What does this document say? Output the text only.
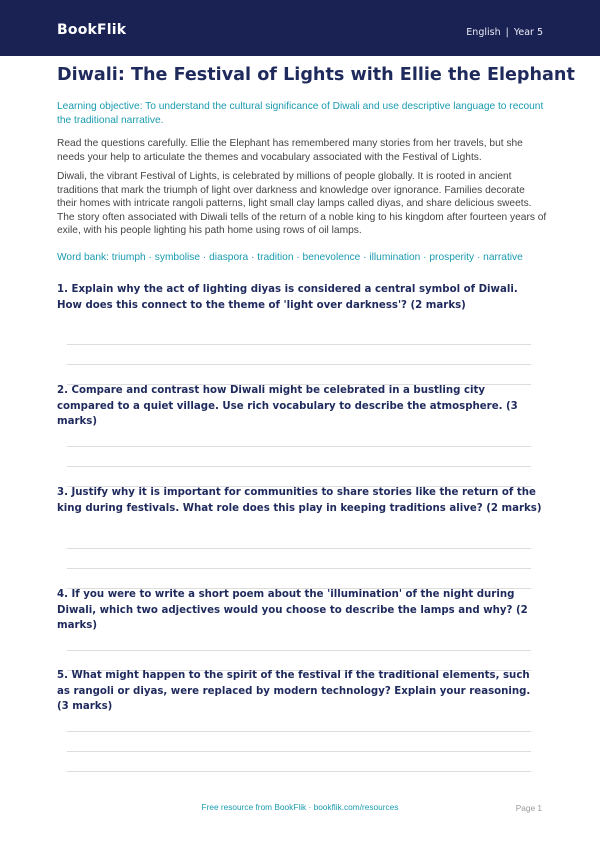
BookFlik	English | Year 5
Diwali: The Festival of Lights with Ellie the Elephant
Learning objective: To understand the cultural significance of Diwali and use descriptive language to recount the traditional narrative.
Read the questions carefully. Ellie the Elephant has remembered many stories from her travels, but she needs your help to articulate the themes and vocabulary associated with the Festival of Lights.
Diwali, the vibrant Festival of Lights, is celebrated by millions of people globally. It is rooted in ancient traditions that mark the triumph of light over darkness and knowledge over ignorance. Families decorate their homes with intricate rangoli patterns, light small clay lamps called diyas, and share delicious sweets. The story often associated with Diwali tells of the return of a noble king to his kingdom after fourteen years of exile, with his people lighting his path home using rows of oil lamps.
Word bank: triumph · symbolise · diaspora · tradition · benevolence · illumination · prosperity · narrative
1. Explain why the act of lighting diyas is considered a central symbol of Diwali. How does this connect to the theme of 'light over darkness'? (2 marks)
2. Compare and contrast how Diwali might be celebrated in a bustling city compared to a quiet village. Use rich vocabulary to describe the atmosphere. (3 marks)
3. Justify why it is important for communities to share stories like the return of the king during festivals. What role does this play in keeping traditions alive? (2 marks)
4. If you were to write a short poem about the 'illumination' of the night during Diwali, which two adjectives would you choose to describe the lamps and why? (2 marks)
5. What might happen to the spirit of the festival if the traditional elements, such as rangoli or diyas, were replaced by modern technology? Explain your reasoning. (3 marks)
Free resource from BookFlik · bookflik.com/resources	Page 1
